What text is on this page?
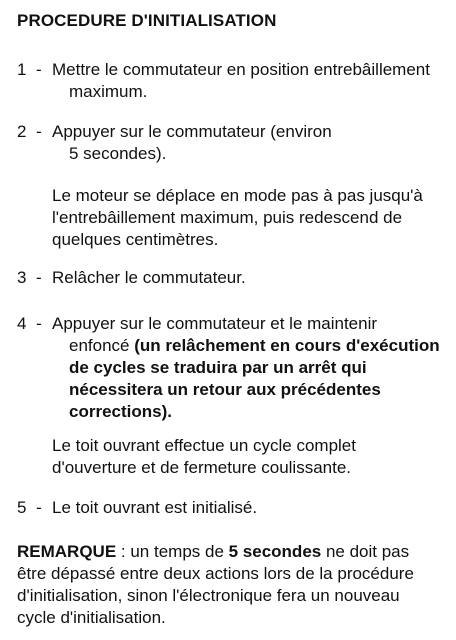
PROCEDURE D'INITIALISATION
1 - Mettre le commutateur en position entrebâillement
maximum.
2 - Appuyer sur le commutateur (environ
5 secondes).
Le moteur se déplace en mode pas à pas jusqu'à
l'entrebâillement maximum, puis redescend de
quelques centimètres.
3 - Relâcher le commutateur.
4 - Appuyer sur le commutateur et le maintenir
enfoncé (un relâchement en cours d'exécution
de cycles se traduira par un arrêt qui
nécessitera un retour aux précédentes
corrections).
Le toit ouvrant effectue un cycle complet
d'ouverture et de fermeture coulissante.
5 - Le toit ouvrant est initialisé.
REMARQUE : un temps de 5 secondes ne doit pas
être dépassé entre deux actions lors de la procédure
d'initialisation, sinon l'électronique fera un nouveau
cycle d'initialisation.
